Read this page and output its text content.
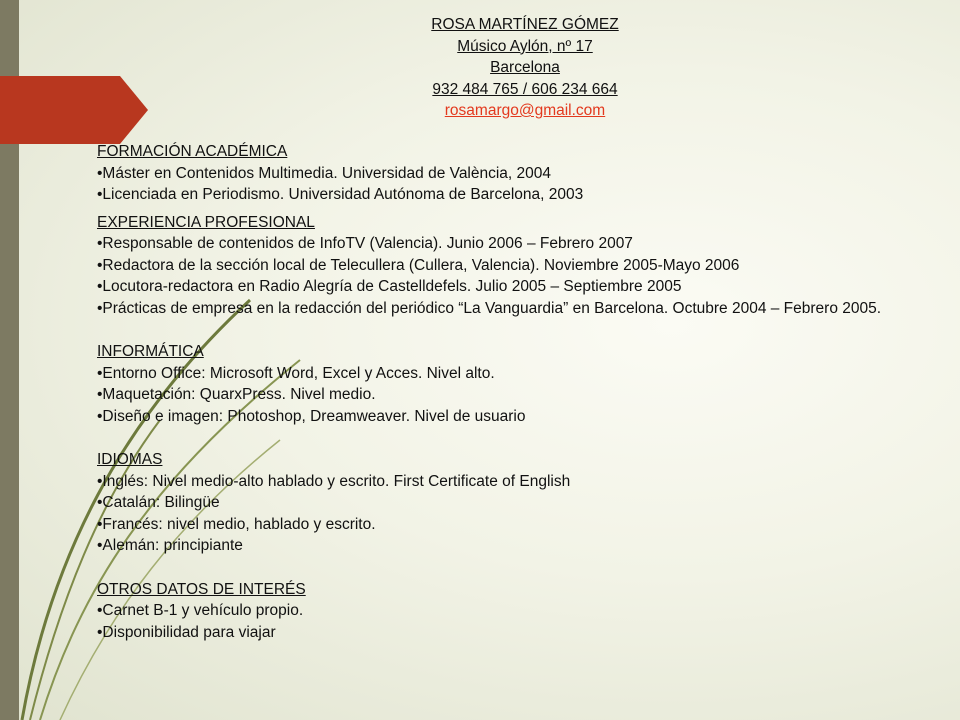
ROSA MARTÍNEZ GÓMEZ
Músico Aylón, nº 17
Barcelona
932 484 765 / 606 234 664
rosamargo@gmail.com
FORMACIÓN ACADÉMICA
•Máster en Contenidos Multimedia. Universidad de València, 2004
•Licenciada en Periodismo. Universidad Autónoma de Barcelona, 2003
EXPERIENCIA PROFESIONAL
•Responsable de contenidos de InfoTV (Valencia). Junio 2006 – Febrero 2007
•Redactora de la sección local de Telecullera (Cullera, Valencia). Noviembre 2005-Mayo 2006
•Locutora-redactora en Radio Alegría de Castelldefels. Julio 2005 – Septiembre 2005
•Prácticas de empresa en la redacción del periódico “La Vanguardia” en Barcelona. Octubre 2004 – Febrero 2005.
INFORMÁTICA
•Entorno Office: Microsoft Word, Excel y Acces. Nivel alto.
•Maquetación: QuarxPress. Nivel medio.
•Diseño e imagen: Photoshop, Dreamweaver. Nivel de usuario
IDIOMAS
•Inglés: Nivel medio-alto hablado y escrito. First Certificate of English
•Catalán: Bilingüe
•Francés: nivel medio, hablado y escrito.
•Alemán: principiante
OTROS DATOS DE INTERÉS
•Carnet B-1 y vehículo propio.
•Disponibilidad para viajar
